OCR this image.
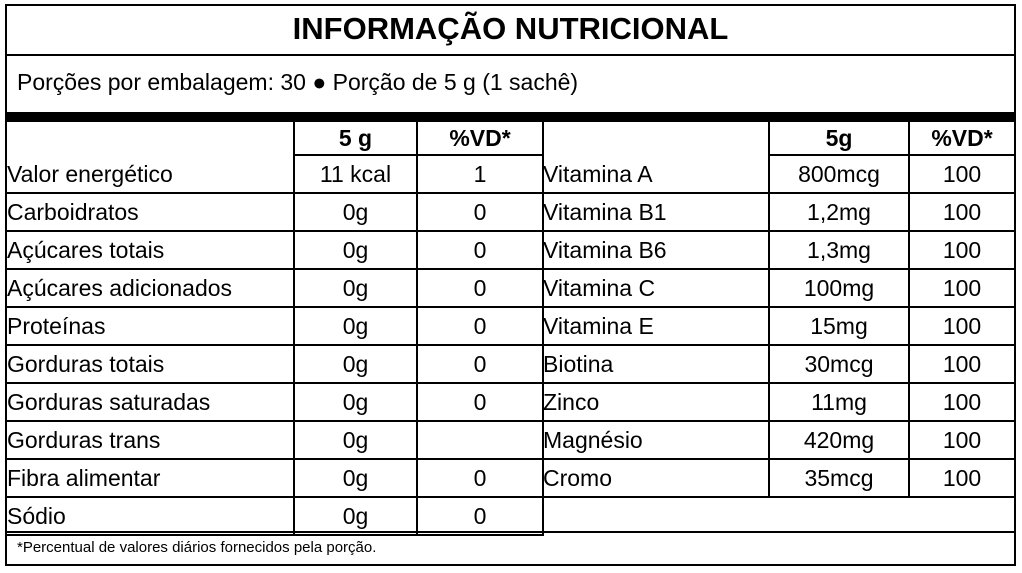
INFORMAÇÃO NUTRICIONAL
Porções por embalagem: 30 ● Porção de 5 g (1 sachê)
	5 g	%VD*
Valor energético	11 kcal	1
Carboidratos	0g	0
Açúcares totais	0g	0
Açúcares adicionados	0g	0
Proteínas	0g	0
Gorduras totais	0g	0
Gorduras saturadas	0g	0
Gorduras trans	0g	
Fibra alimentar	0g	0
Sódio	0g	0
	5g	%VD*
Vitamina A	800mcg	100
Vitamina B1	1,2mg	100
Vitamina B6	1,3mg	100
Vitamina C	100mg	100
Vitamina E	15mg	100
Biotina	30mcg	100
Zinco	11mg	100
Magnésio	420mg	100
Cromo	35mcg	100
*Percentual de valores diários fornecidos pela porção.
